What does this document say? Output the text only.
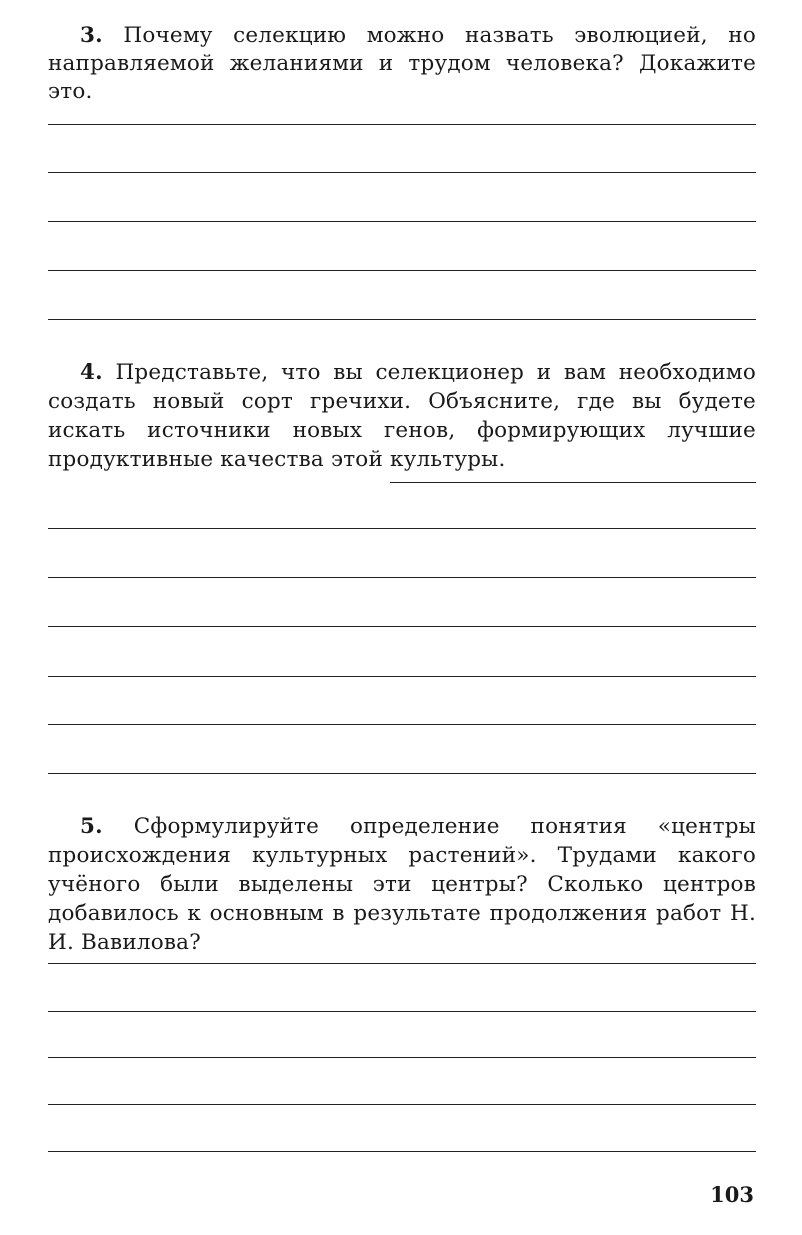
3. Почему селекцию можно назвать эволюцией, но направляемой желаниями и трудом человека? Докажите это.
4. Представьте, что вы селекционер и вам необходимо создать новый сорт гречихи. Объясните, где вы будете искать источники новых генов, формирующих лучшие продуктивные качества этой культуры.
5. Сформулируйте определение понятия «центры происхождения культурных растений». Трудами какого учёного были выделены эти центры? Сколько центров добавилось к основным в результате продолжения работ Н. И. Вавилова?
103
